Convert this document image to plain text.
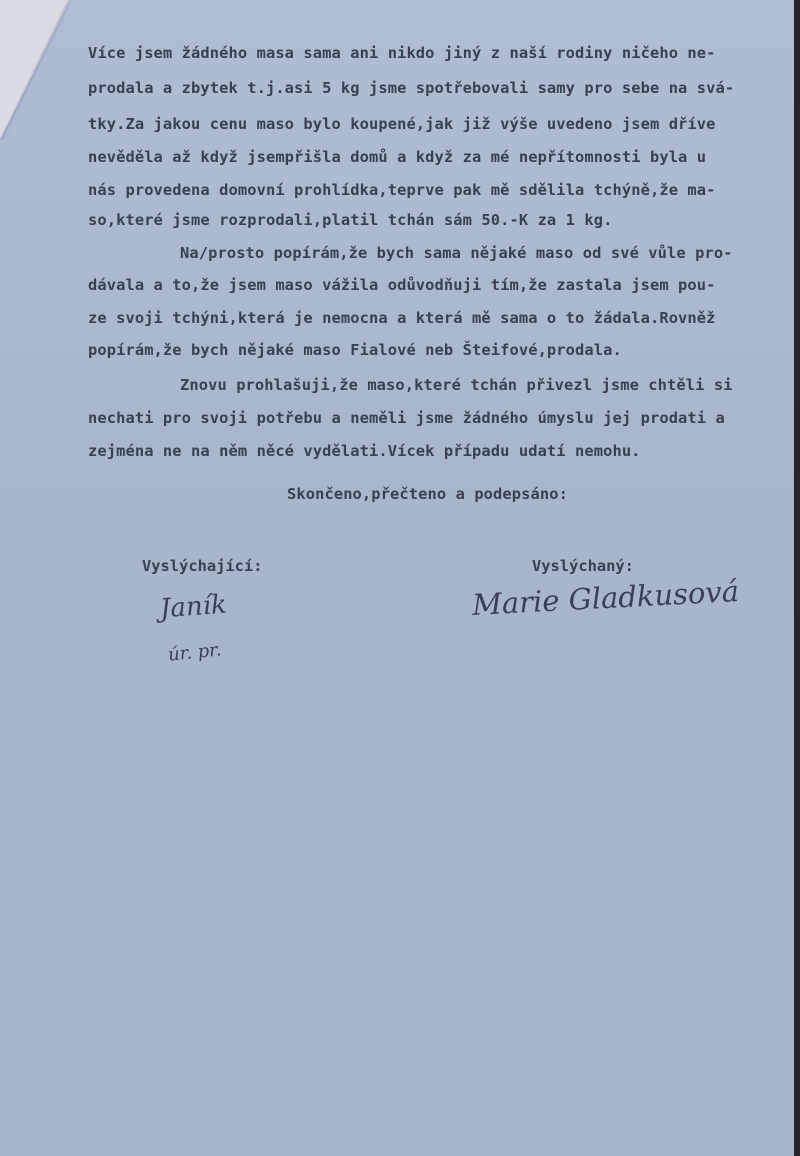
Více jsem žádného masa sama ani nikdo jiný z naší rodiny ničeho ne-

prodala a zbytek t.j.asi 5 kg jsme spotřebovali samy pro sebe na svá-

tky.Za jakou cenu maso bylo koupené,jak již výše uvedeno jsem dříve

nevěděla až když jsempřišla domů a když za mé nepřítomnosti byla u

nás provedena domovní prohlídka,teprve pak mě sdělila tchýně,že ma-

so,které jsme rozprodali,platil tchán sám 50.-K za 1 kg.

Na/prosto popírám,že bych sama nějaké maso od své vůle pro-

dávala a to,že jsem maso vážila odůvodňuji tím,že zastala jsem pou-

ze svoji tchýni,která je nemocna a která mě sama o to žádala.Rovněž

popírám,že bych nějaké maso Fialové neb Šteifové,prodala.

Znovu prohlašuji,že maso,které tchán přivezl jsme chtěli si

nechati pro svoji potřebu a neměli jsme žádného úmyslu jej prodati a

zejména ne na něm něcé vydělati.Vícek případu udatí nemohu.

Skončeno,přečteno a podepsáno:

Vyslýchající:	Vyslýchaný:
Janík
úr. pr.
Marie Gladkusová
